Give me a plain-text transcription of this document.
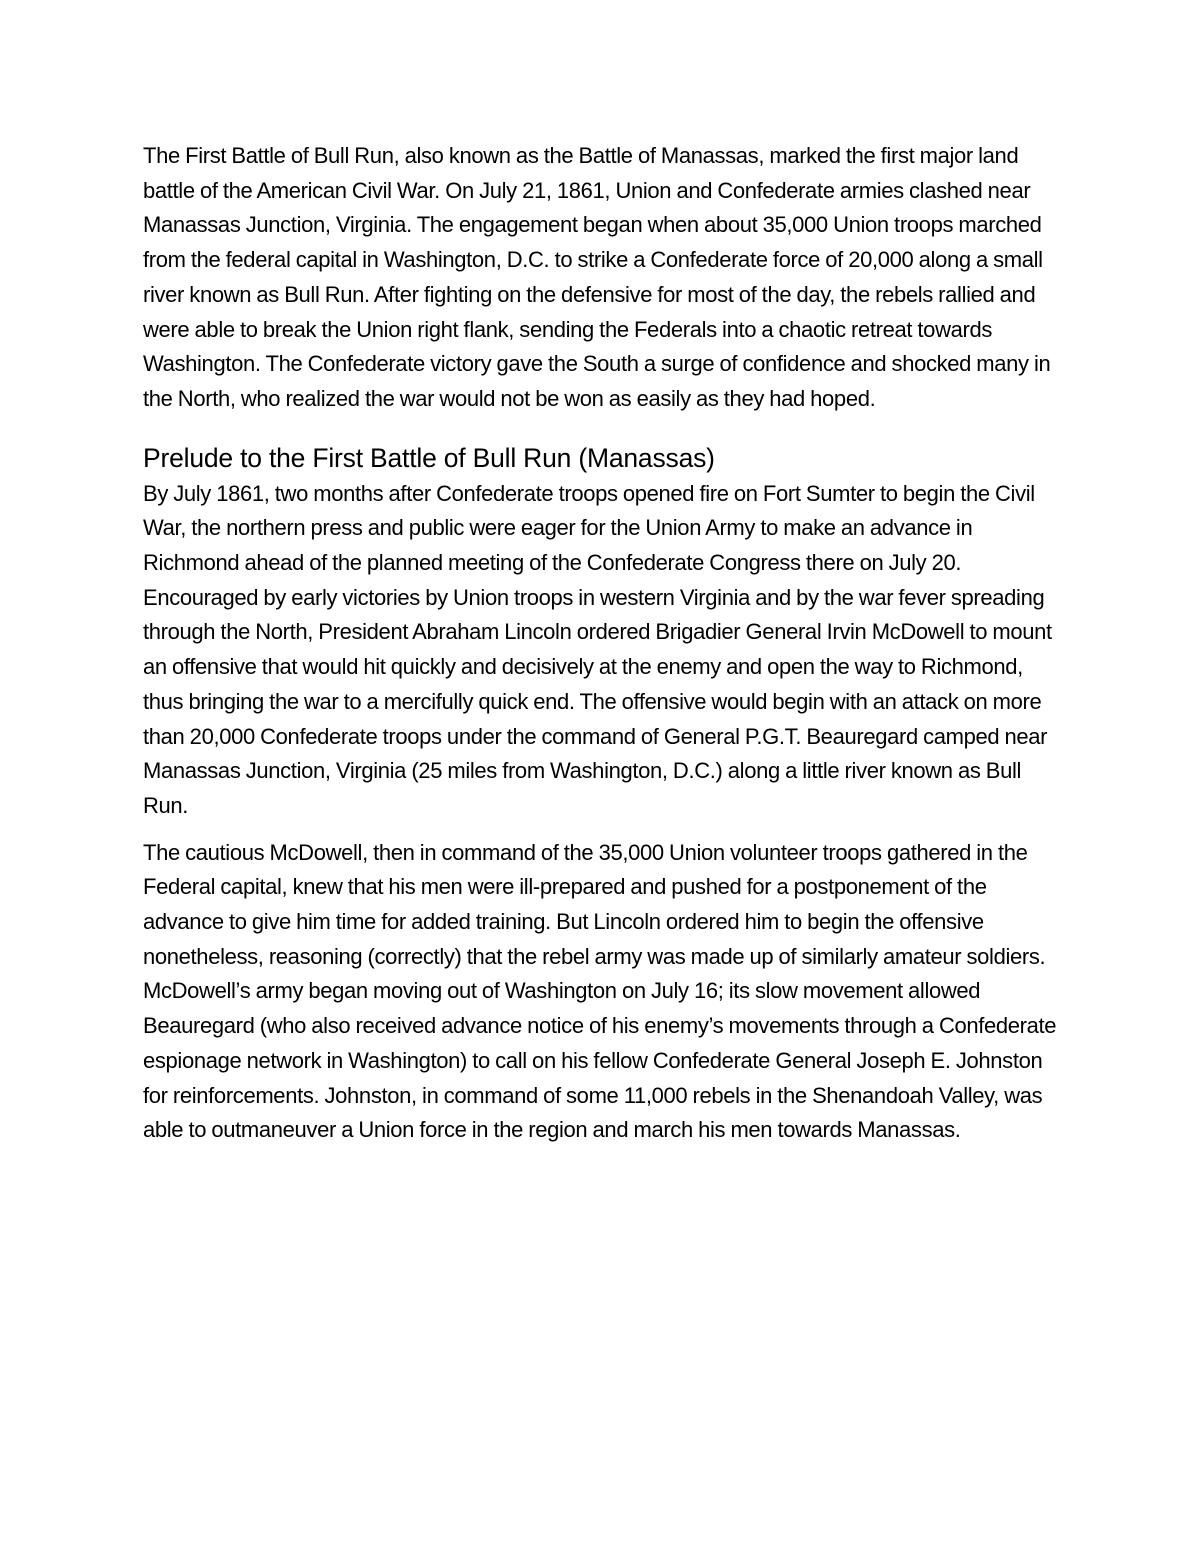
The First Battle of Bull Run, also known as the Battle of Manassas, marked the first major land battle of the American Civil War. On July 21, 1861, Union and Confederate armies clashed near Manassas Junction, Virginia. The engagement began when about 35,000 Union troops marched from the federal capital in Washington, D.C. to strike a Confederate force of 20,000 along a small river known as Bull Run. After fighting on the defensive for most of the day, the rebels rallied and were able to break the Union right flank, sending the Federals into a chaotic retreat towards Washington. The Confederate victory gave the South a surge of confidence and shocked many in the North, who realized the war would not be won as easily as they had hoped.

Prelude to the First Battle of Bull Run (Manassas)

By July 1861, two months after Confederate troops opened fire on Fort Sumter to begin the Civil War, the northern press and public were eager for the Union Army to make an advance in Richmond ahead of the planned meeting of the Confederate Congress there on July 20. Encouraged by early victories by Union troops in western Virginia and by the war fever spreading through the North, President Abraham Lincoln ordered Brigadier General Irvin McDowell to mount an offensive that would hit quickly and decisively at the enemy and open the way to Richmond, thus bringing the war to a mercifully quick end. The offensive would begin with an attack on more than 20,000 Confederate troops under the command of General P.G.T. Beauregard camped near Manassas Junction, Virginia (25 miles from Washington, D.C.) along a little river known as Bull Run.

The cautious McDowell, then in command of the 35,000 Union volunteer troops gathered in the Federal capital, knew that his men were ill-prepared and pushed for a postponement of the advance to give him time for added training. But Lincoln ordered him to begin the offensive nonetheless, reasoning (correctly) that the rebel army was made up of similarly amateur soldiers. McDowell’s army began moving out of Washington on July 16; its slow movement allowed Beauregard (who also received advance notice of his enemy’s movements through a Confederate espionage network in Washington) to call on his fellow Confederate General Joseph E. Johnston for reinforcements. Johnston, in command of some 11,000 rebels in the Shenandoah Valley, was able to outmaneuver a Union force in the region and march his men towards Manassas.
